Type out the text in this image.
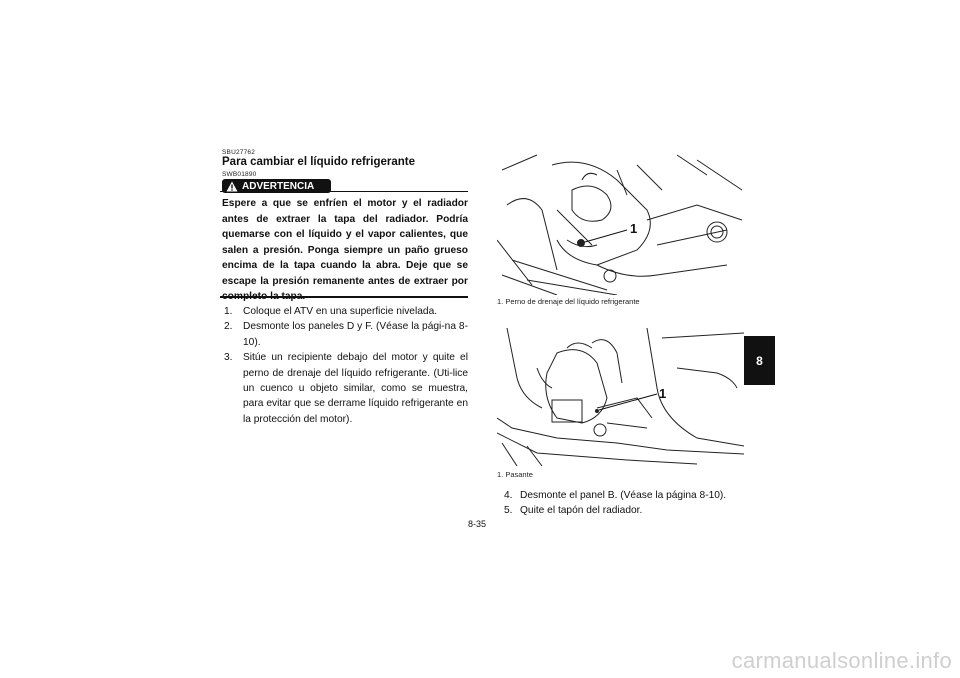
SBU27762
Para cambiar el líquido refrigerante
SWB01890
ADVERTENCIA
Espere a que se enfríen el motor y el radiador antes de extraer la tapa del radiador. Podría quemarse con el líquido y el vapor calientes, que salen a presión. Ponga siempre un paño grueso encima de la tapa cuando la abra. Deje que se escape la presión remanente antes de extraer por
1. Coloque el ATV en una superficie nivelada.
2. Desmonte los paneles D y F. (Véase la pági-na 8-10).
3. Sitúe un recipiente debajo del motor y quite el perno de drenaje del líquido refrigerante. (Uti-lice un cuenco u objeto similar, como se muestra, para evitar que se derrame líquido refrigerante en la protección del motor).
1
1. Perno de drenaje del líquido refrigerante
1
1. Pasante
4. Desmonte el panel B. (Véase la página 8-10).
5. Quite el tapón del radiador.
8
8-35
carmanualsonline.info
